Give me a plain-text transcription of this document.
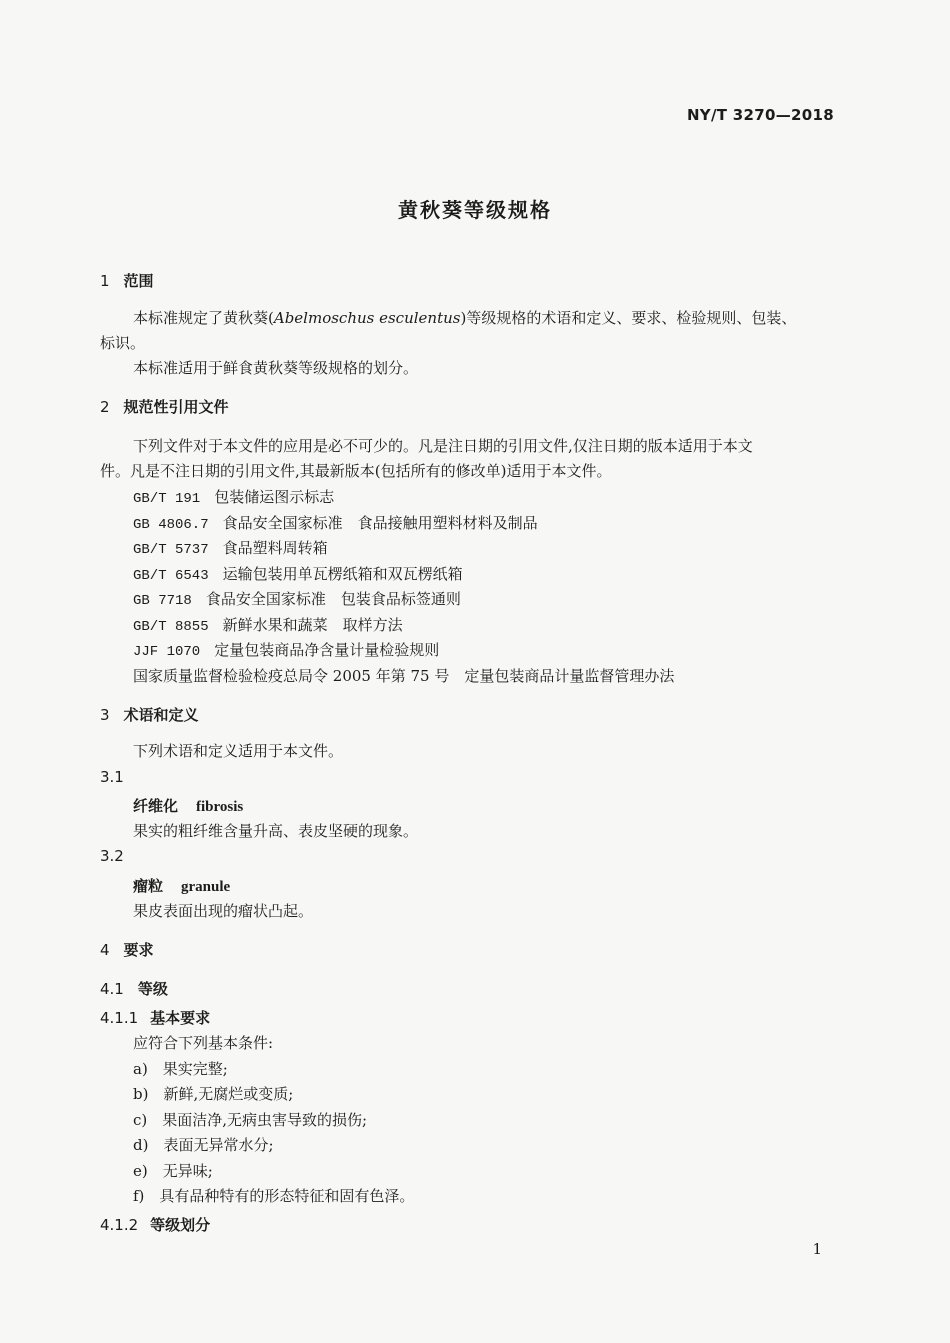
NY/T 3270—2018
黄秋葵等级规格
1 范围
本标准规定了黄秋葵(Abelmoschus esculentus)等级规格的术语和定义、要求、检验规则、包装、
标识。
本标准适用于鲜食黄秋葵等级规格的划分。
2 规范性引用文件
下列文件对于本文件的应用是必不可少的。凡是注日期的引用文件,仅注日期的版本适用于本文
件。凡是不注日期的引用文件,其最新版本(包括所有的修改单)适用于本文件。
GB/T 191 包装储运图示标志
GB 4806.7 食品安全国家标准　食品接触用塑料材料及制品
GB/T 5737 食品塑料周转箱
GB/T 6543 运输包装用单瓦楞纸箱和双瓦楞纸箱
GB 7718 食品安全国家标准　包装食品标签通则
GB/T 8855 新鲜水果和蔬菜　取样方法
JJF 1070 定量包装商品净含量计量检验规则
国家质量监督检验检疫总局令 2005 年第 75 号　定量包装商品计量监督管理办法
3 术语和定义
下列术语和定义适用于本文件。
3.1
纤维化 fibrosis
果实的粗纤维含量升高、表皮坚硬的现象。
3.2
瘤粒 granule
果皮表面出现的瘤状凸起。
4 要求
4.1 等级
4.1.1 基本要求
应符合下列基本条件:
a)　果实完整;
b)　新鲜,无腐烂或变质;
c)　果面洁净,无病虫害导致的损伤;
d)　表面无异常水分;
e)　无异味;
f)　具有品种特有的形态特征和固有色泽。
4.1.2 等级划分
1
